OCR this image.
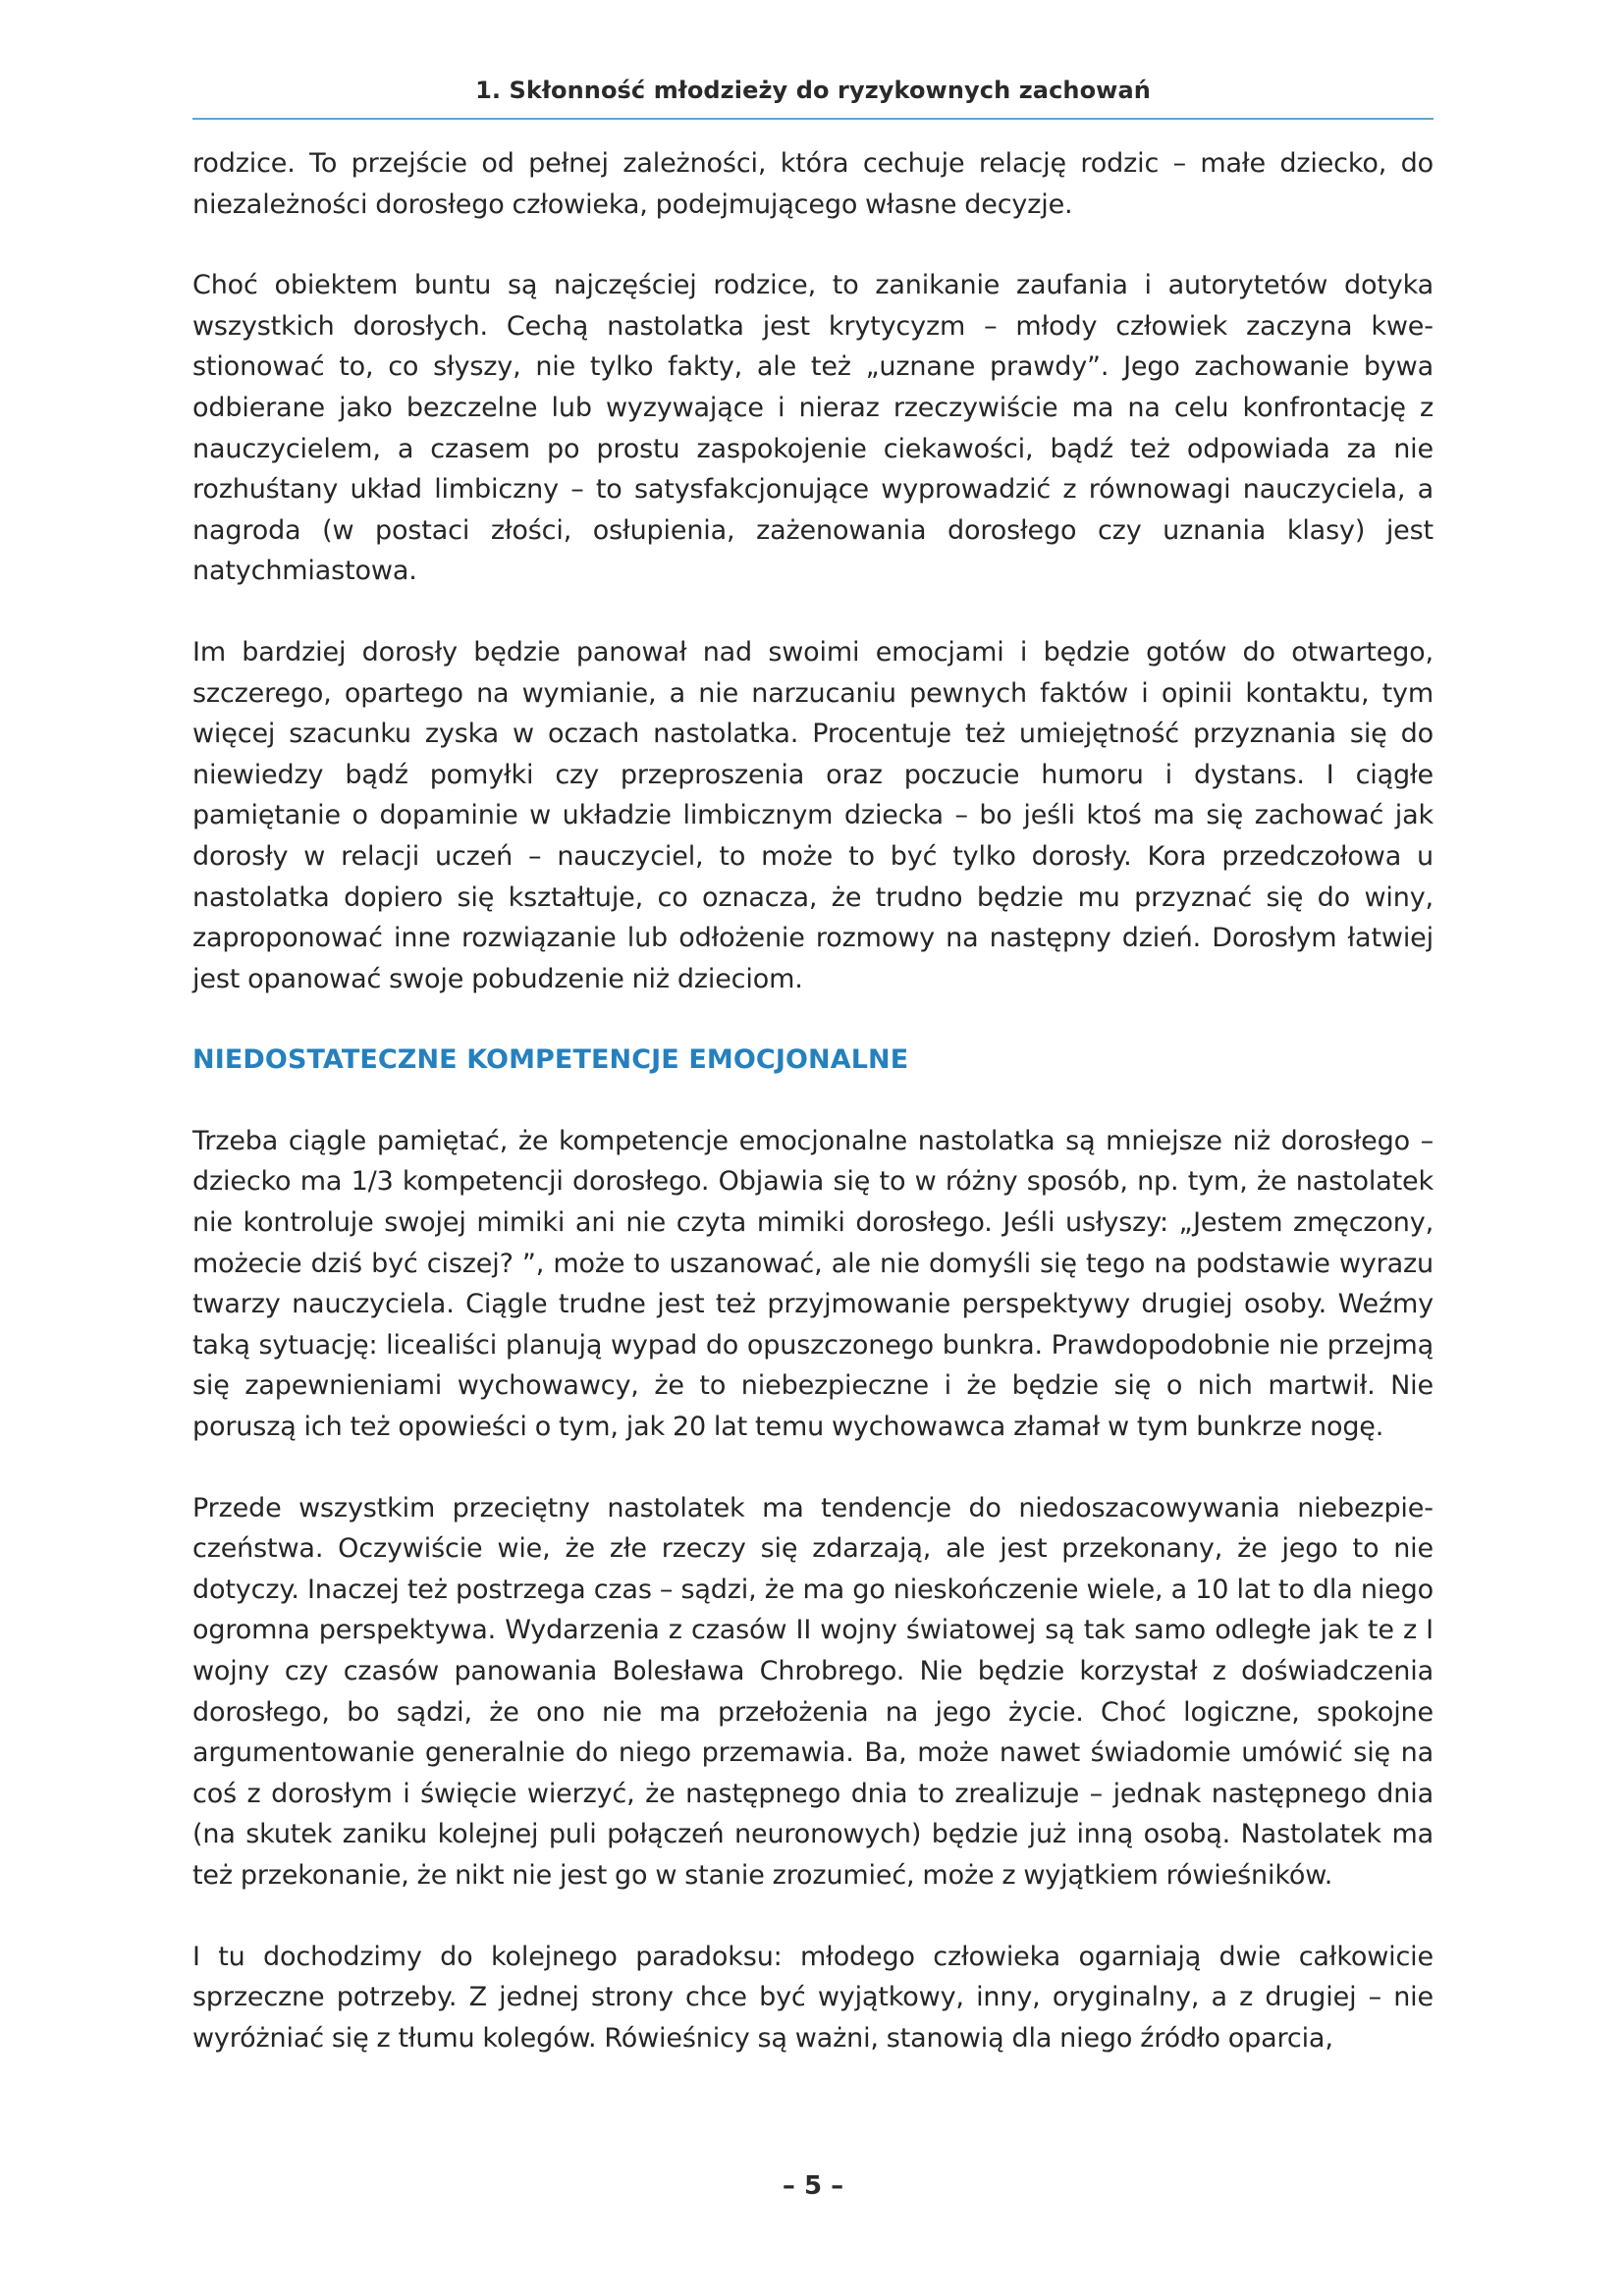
1. Skłonność młodzieży do ryzykownych zachowań

rodzice. To przejście od pełnej zależności, która cechuje relację rodzic – małe dziecko, do niezależności dorosłego człowieka, podejmującego własne decyzje.

Choć obiektem buntu są najczęściej rodzice, to zanikanie zaufania i autorytetów dotyka wszystkich dorosłych. Cechą nastolatka jest krytycyzm – młody człowiek zaczyna kwestionować to, co słyszy, nie tylko fakty, ale też „uznane prawdy”. Jego zachowanie bywa odbierane jako bezczelne lub wyzywające i nieraz rzeczywiście ma na celu konfrontację z nauczycielem, a czasem po prostu zaspokojenie ciekawości, bądź też odpowiada za nie rozhuśtany układ limbiczny – to satysfakcjonujące wyprowadzić z równowagi nauczyciela, a nagroda (w postaci złości, osłupienia, zażenowania dorosłego czy uznania klasy) jest natychmiastowa.

Im bardziej dorosły będzie panował nad swoimi emocjami i będzie gotów do otwartego, szczerego, opartego na wymianie, a nie narzucaniu pewnych faktów i opinii kontaktu, tym więcej szacunku zyska w oczach nastolatka. Procentuje też umiejętność przyznania się do niewiedzy bądź pomyłki czy przeproszenia oraz poczucie humoru i dystans. I ciągłe pamiętanie o dopaminie w układzie limbicznym dziecka – bo jeśli ktoś ma się zachować jak dorosły w relacji uczeń – nauczyciel, to może to być tylko dorosły. Kora przedczołowa u nastolatka dopiero się kształtuje, co oznacza, że trudno będzie mu przyznać się do winy, zaproponować inne rozwiązanie lub odłożenie rozmowy na następny dzień. Dorosłym łatwiej jest opanować swoje pobudzenie niż dzieciom.

NIEDOSTATECZNE KOMPETENCJE EMOCJONALNE

Trzeba ciągle pamiętać, że kompetencje emocjonalne nastolatka są mniejsze niż dorosłego – dziecko ma 1/3 kompetencji dorosłego. Objawia się to w różny sposób, np. tym, że nastolatek nie kontroluje swojej mimiki ani nie czyta mimiki dorosłego. Jeśli usłyszy: „Jestem zmęczony, możecie dziś być ciszej? ”, może to uszanować, ale nie domyśli się tego na podstawie wyrazu twarzy nauczyciela. Ciągle trudne jest też przyjmowanie perspektywy drugiej osoby. Weźmy taką sytuację: licealiści planują wypad do opuszczonego bunkra. Prawdopodobnie nie przejmą się zapewnieniami wychowawcy, że to niebezpieczne i że będzie się o nich martwił. Nie poruszą ich też opowieści o tym, jak 20 lat temu wychowawca złamał w tym bunkrze nogę.

Przede wszystkim przeciętny nastolatek ma tendencje do niedoszacowywania niebezpieczeństwa. Oczywiście wie, że złe rzeczy się zdarzają, ale jest przekonany, że jego to nie dotyczy. Inaczej też postrzega czas – sądzi, że ma go nieskończenie wiele, a 10 lat to dla niego ogromna perspektywa. Wydarzenia z czasów II wojny światowej są tak samo odległe jak te z I wojny czy czasów panowania Bolesława Chrobrego. Nie będzie korzystał z doświadczenia dorosłego, bo sądzi, że ono nie ma przełożenia na jego życie. Choć logiczne, spokojne argumentowanie generalnie do niego przemawia. Ba, może nawet świadomie umówić się na coś z dorosłym i święcie wierzyć, że następnego dnia to zrealizuje – jednak następnego dnia (na skutek zaniku kolejnej puli połączeń neuronowych) będzie już inną osobą. Nastolatek ma też przekonanie, że nikt nie jest go w stanie zrozumieć, może z wyjątkiem rówieśników.

I tu dochodzimy do kolejnego paradoksu: młodego człowieka ogarniają dwie całkowicie sprzeczne potrzeby. Z jednej strony chce być wyjątkowy, inny, oryginalny, a z drugiej – nie wyróżniać się z tłumu kolegów. Rówieśnicy są ważni, stanowią dla niego źródło oparcia,

– 5 –
